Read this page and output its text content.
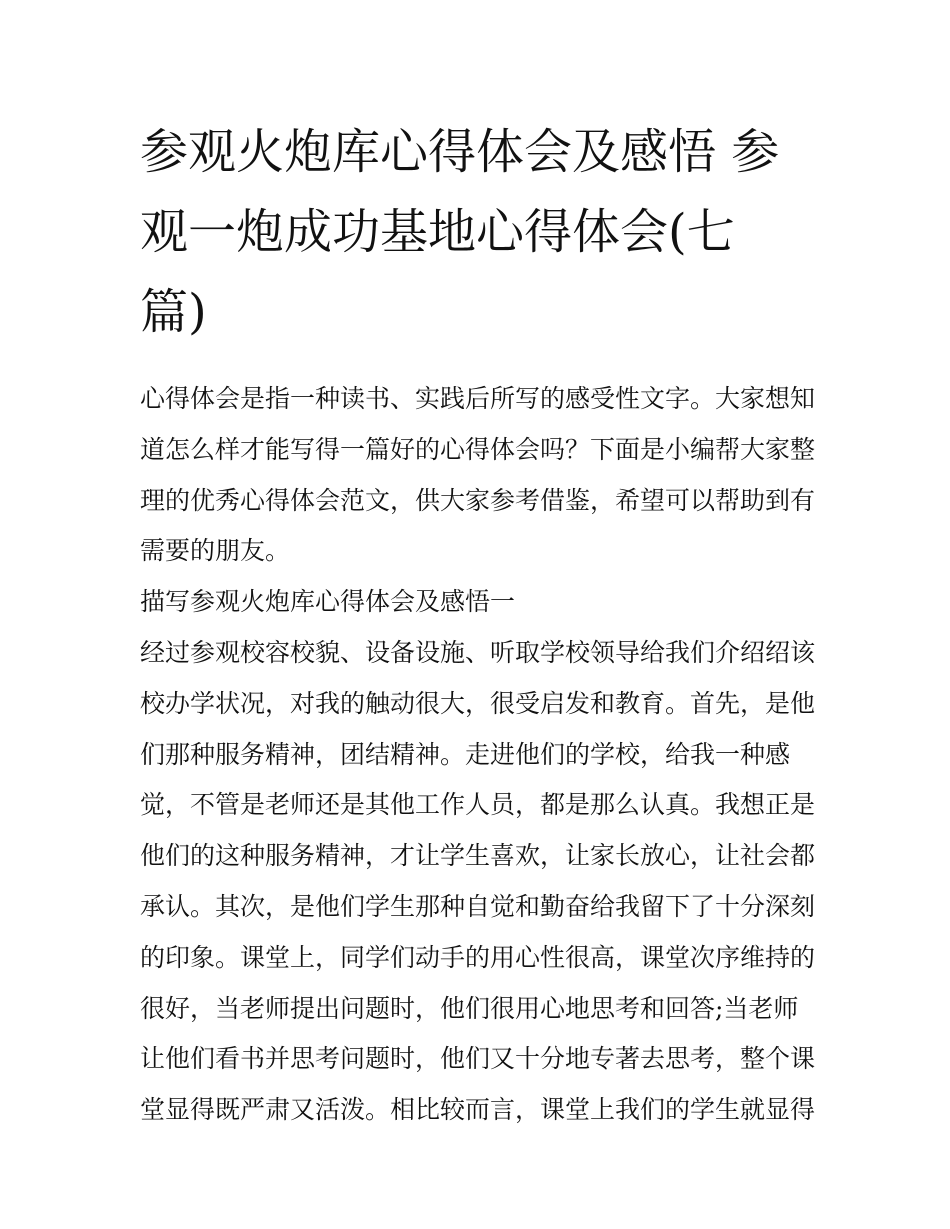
参观火炮库心得体会及感悟 参
观一炮成功基地心得体会(七
篇)

心得体会是指一种读书、实践后所写的感受性文字。大家想知
道怎么样才能写得一篇好的心得体会吗？下面是小编帮大家整
理的优秀心得体会范文，供大家参考借鉴，希望可以帮助到有
需要的朋友。

描写参观火炮库心得体会及感悟一

经过参观校容校貌、设备设施、听取学校领导给我们介绍绍该
校办学状况，对我的触动很大，很受启发和教育。首先，是他
们那种服务精神，团结精神。走进他们的学校，给我一种感
觉，不管是老师还是其他工作人员，都是那么认真。我想正是
他们的这种服务精神，才让学生喜欢，让家长放心，让社会都
承认。其次，是他们学生那种自觉和勤奋给我留下了十分深刻
的印象。课堂上，同学们动手的用心性很高，课堂次序维持的
很好，当老师提出问题时，他们很用心地思考和回答;当老师
让他们看书并思考问题时，他们又十分地专著去思考，整个课
堂显得既严肃又活泼。相比较而言，课堂上我们的学生就显得
